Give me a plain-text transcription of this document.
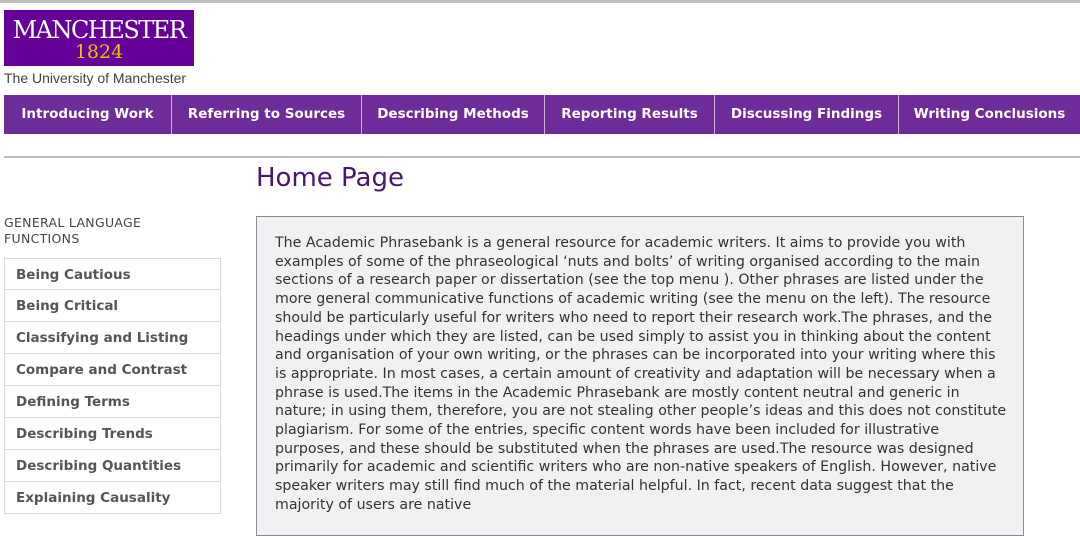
MANCHESTER
1824
The University of Manchester
Introducing Work	Referring to Sources	Describing Methods	Reporting Results	Discussing Findings	Writing Conclusions
Home Page
GENERAL LANGUAGE FUNCTIONS
Being Cautious
Being Critical
Classifying and Listing
Compare and Contrast
Defining Terms
Describing Trends
Describing Quantities
Explaining Causality

The Academic Phrasebank is a general resource for academic writers. It aims to provide you with examples of some of the phraseological ‘nuts and bolts’ of writing organised according to the main sections of a research paper or dissertation (see the top menu ). Other phrases are listed under the more general communicative functions of academic writing (see the menu on the left). The resource should be particularly useful for writers who need to report their research work.The phrases, and the headings under which they are listed, can be used simply to assist you in thinking about the content and organisation of your own writing, or the phrases can be incorporated into your writing where this is appropriate. In most cases, a certain amount of creativity and adaptation will be necessary when a phrase is used.The items in the Academic Phrasebank are mostly content neutral and generic in nature; in using them, therefore, you are not stealing other people’s ideas and this does not constitute plagiarism. For some of the entries, specific content words have been included for illustrative purposes, and these should be substituted when the phrases are used.The resource was designed primarily for academic and scientific writers who are non-native speakers of English. However, native speaker writers may still find much of the material helpful. In fact, recent data suggest that the majority of users are native
